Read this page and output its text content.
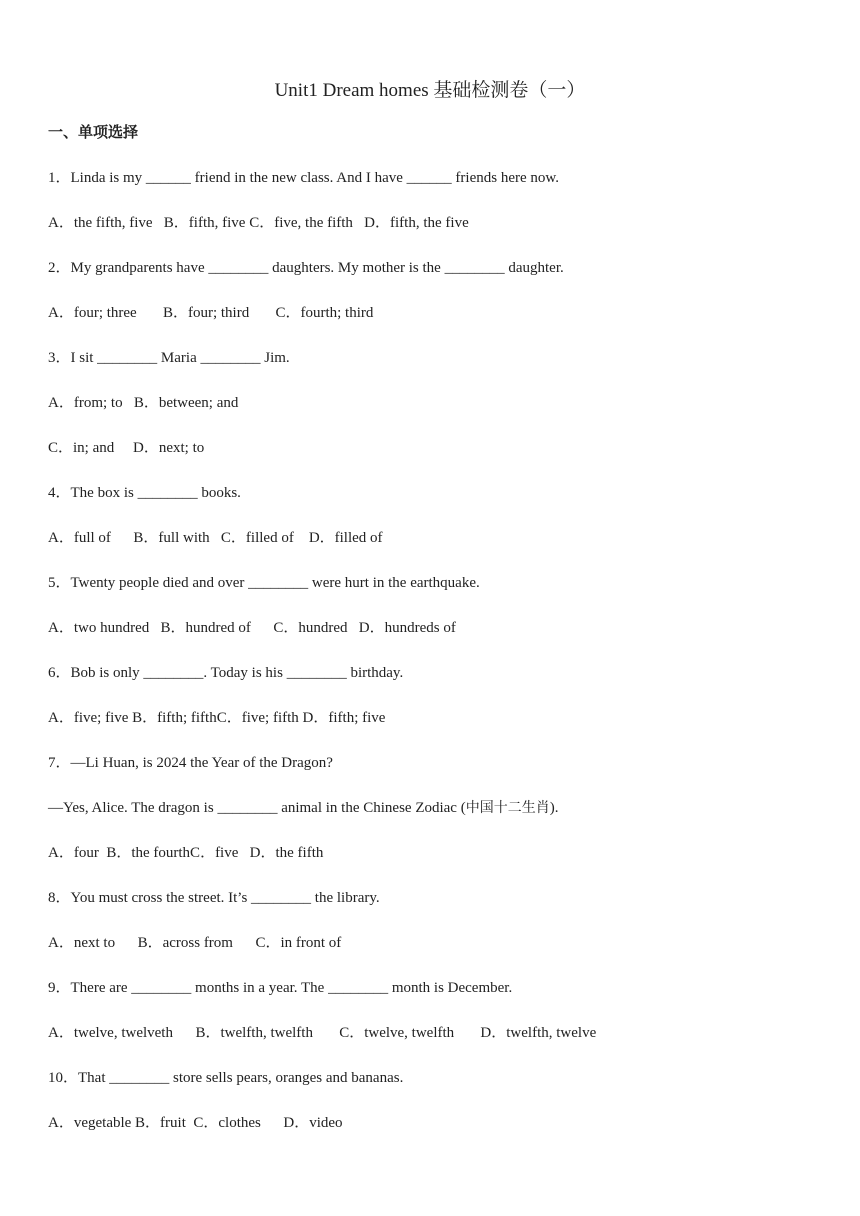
Unit1 Dream homes 基础检测卷（一）
一、单项选择
1．Linda is my ______ friend in the new class. And I have ______ friends here now.
A．the fifth, five   B．fifth, five C．five, the fifth   D．fifth, the five
2．My grandparents have ________ daughters. My mother is the ________ daughter.
A．four; three       B．four; third       C．fourth; third
3．I sit ________ Maria ________ Jim.
A．from; to   B．between; and
C．in; and     D．next; to
4．The box is ________ books.
A．full of      B．full with   C．filled of    D．filled of
5．Twenty people died and over ________ were hurt in the earthquake.
A．two hundred   B．hundred of      C．hundred   D．hundreds of
6．Bob is only ________. Today is his ________ birthday.
A．five; five B．fifth; fifthC．five; fifth D．fifth; five
7．—Li Huan, is 2024 the Year of the Dragon?
—Yes, Alice. The dragon is ________ animal in the Chinese Zodiac (中国十二生肖).
A．four  B．the fourthC．five   D．the fifth
8．You must cross the street. It’s ________ the library.
A．next to      B．across from      C．in front of
9．There are ________ months in a year. The ________ month is December.
A．twelve, twelveth      B．twelfth, twelfth       C．twelve, twelfth       D．twelfth, twelve
10．That ________ store sells pears, oranges and bananas.
A．vegetable B．fruit  C．clothes      D．video
